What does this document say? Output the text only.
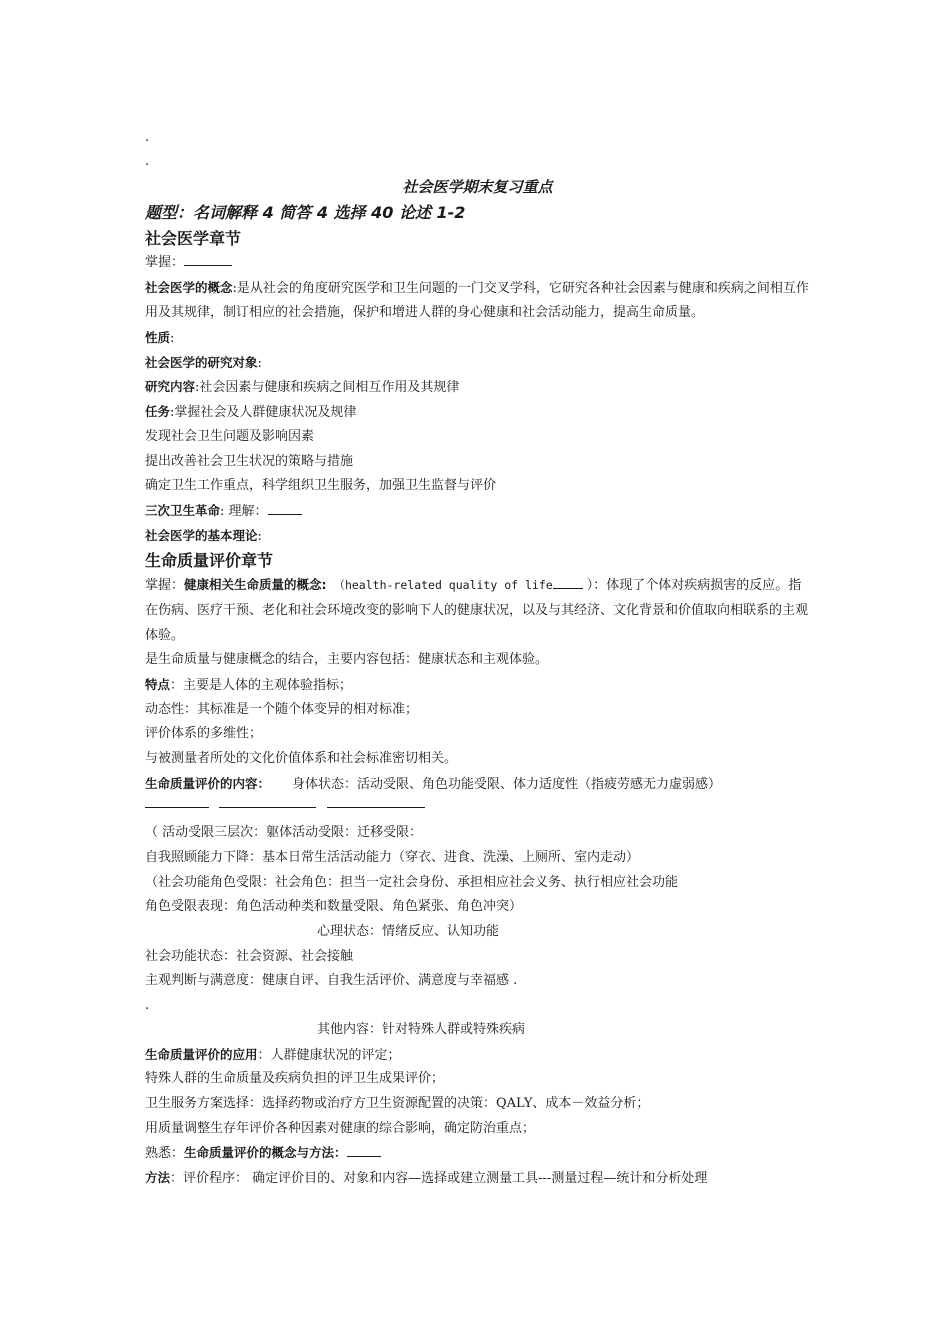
.
.
社会医学期末复习重点
题型：名词解释 4 简答 4 选择 40 论述 1-2
社会医学章节
掌握：
社会医学的概念:是从社会的角度研究医学和卫生问题的一门交叉学科，它研究各种社会因素与健康和疾病之间相互作用及其规律，制订相应的社会措施，保护和增进人群的身心健康和社会活动能力，提高生命质量。
性质:
社会医学的研究对象:
研究内容:社会因素与健康和疾病之间相互作用及其规律
任务:掌握社会及人群健康状况及规律
发现社会卫生问题及影响因素
提出改善社会卫生状况的策略与措施
确定卫生工作重点，科学组织卫生服务，加强卫生监督与评价
三次卫生革命: 理解：
社会医学的基本理论:
生命质量评价章节
掌握：健康相关生命质量的概念: （health-related quality of life ）：体现了个体对疾病损害的反应。指在伤病、医疗干预、老化和社会环境改变的影响下人的健康状况，以及与其经济、文化背景和价值取向相联系的主观体验。
是生命质量与健康概念的结合，主要内容包括：健康状态和主观体验。
特点：主要是人体的主观体验指标；
动态性：其标准是一个随个体变异的相对标准；
评价体系的多维性；
与被测量者所处的文化价值体系和社会标准密切相关。
生命质量评价的内容： 身体状态：活动受限、角色功能受限、体力适度性（指疲劳感无力虚弱感）
（ 活动受限三层次：躯体活动受限：迁移受限：
自我照顾能力下降：基本日常生活活动能力（穿衣、进食、洗澡、上厕所、室内走动）
（社会功能角色受限：社会角色：担当一定社会身份、承担相应社会义务、执行相应社会功能
角色受限表现：角色活动种类和数量受限、角色紧张、角色冲突）
心理状态：情绪反应、认知功能
社会功能状态：社会资源、社会接触
主观判断与满意度：健康自评、自我生活评价、满意度与幸福感 .
.
其他内容：针对特殊人群或特殊疾病
生命质量评价的应用：人群健康状况的评定；
特殊人群的生命质量及疾病负担的评卫生成果评价；
卫生服务方案选择：选择药物或治疗方卫生资源配置的决策：QALY、成本－效益分析；
用质量调整生存年评价各种因素对健康的综合影响，确定防治重点；
熟悉：生命质量评价的概念与方法：
方法：评价程序： 确定评价目的、对象和内容—选择或建立测量工具---测量过程—统计和分析处理
